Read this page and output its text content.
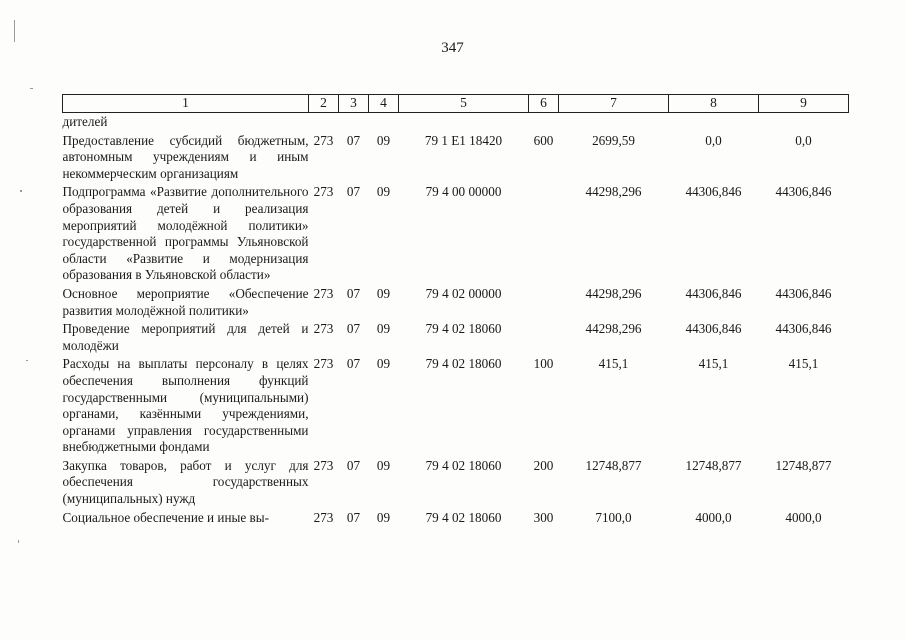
347
1	2	3	4	5	6	7	8	9
дителей								
Предоставление субсидий бюджетным, автономным учреждениям и иным некоммерческим организациям	273	07	09	79 1 E1 18420	600	2699,59	0,0	0,0
Подпрограмма «Развитие дополнительного образования детей и реализация мероприятий молодёжной политики» государственной программы Ульяновской области «Развитие и модернизация образования в Ульяновской области»	273	07	09	79 4 00 00000		44298,296	44306,846	44306,846
Основное мероприятие «Обеспечение развития молодёжной политики»	273	07	09	79 4 02 00000		44298,296	44306,846	44306,846
Проведение мероприятий для детей и молодёжи	273	07	09	79 4 02 18060		44298,296	44306,846	44306,846
Расходы на выплаты персоналу в целях обеспечения выполнения функций государственными (муниципальными) органами, казёнными учреждениями, органами управления государственными внебюджетными фондами	273	07	09	79 4 02 18060	100	415,1	415,1	415,1
Закупка товаров, работ и услуг для обеспечения государственных (муниципальных) нужд	273	07	09	79 4 02 18060	200	12748,877	12748,877	12748,877
Социальное обеспечение и иные вы-	273	07	09	79 4 02 18060	300	7100,0	4000,0	4000,0
